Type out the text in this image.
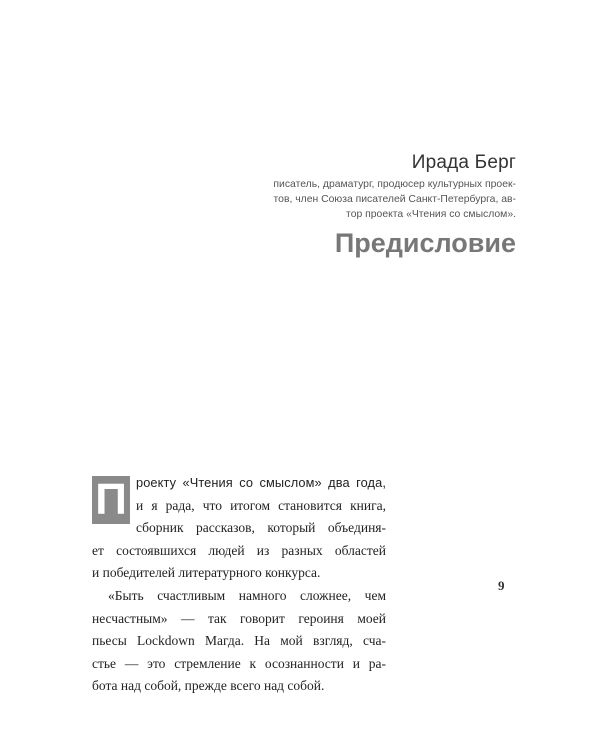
Ирада Берг
писатель, драматург, продюсер культурных проек-
тов, член Союза писателей Санкт-Петербурга, ав-
тор проекта «Чтения со смыслом».
Предисловие
П роекту «Чтения со смыслом» два года,
и я рада, что итогом становится книга,
сборник рассказов, который объединя-
ет состоявшихся людей из разных областей
и победителей литературного конкурса.
«Быть счастливым намного сложнее, чем
несчастным» — так говорит героиня моей
пьесы Lockdown Магда. На мой взгляд, сча-
стье — это стремление к осознанности и ра-
бота над собой, прежде всего над собой.
9
